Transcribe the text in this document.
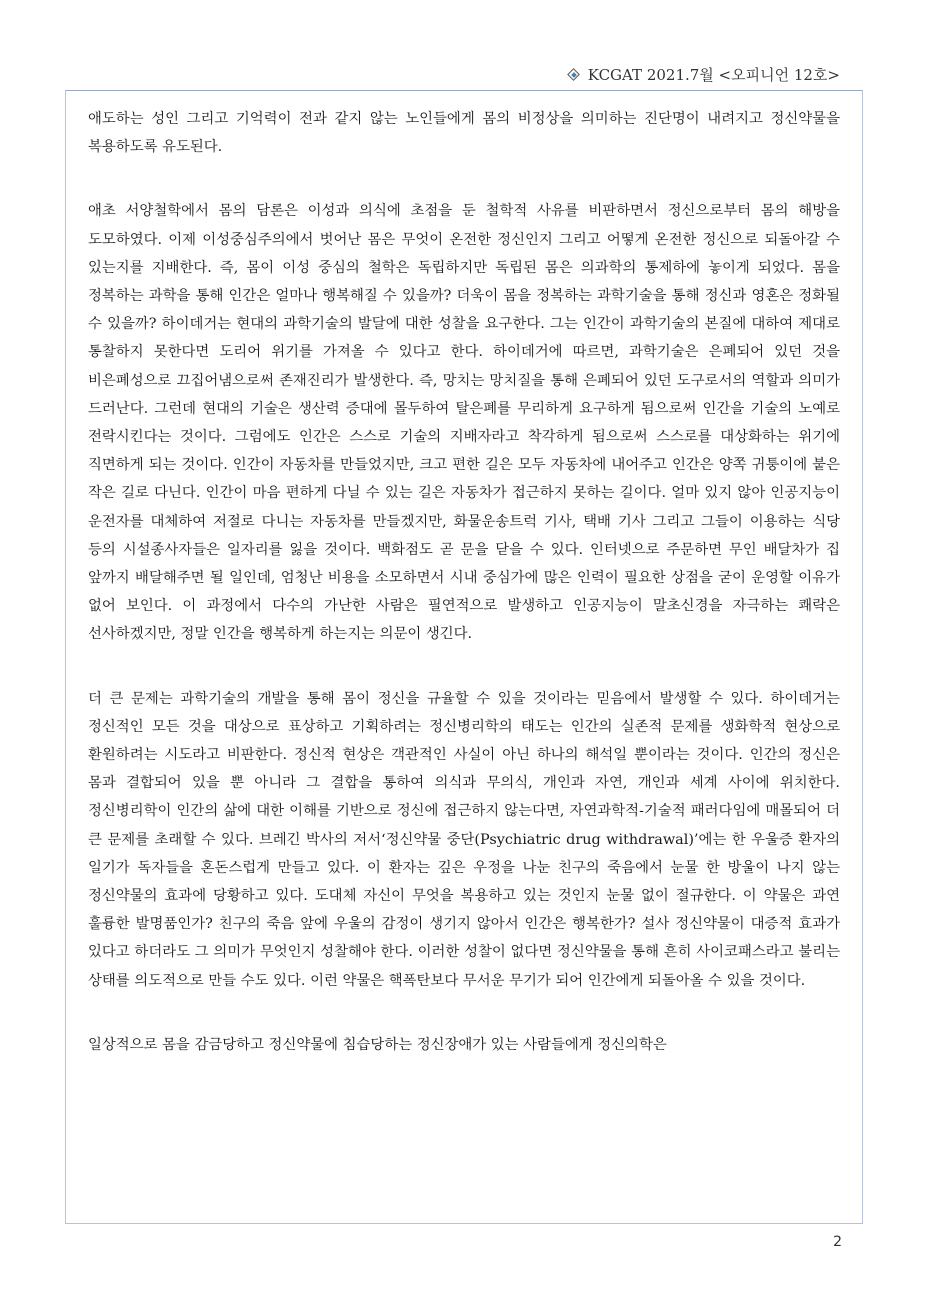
KCGAT 2021.7월 <오피니언 12호>

애도하는 성인 그리고 기억력이 전과 같지 않는 노인들에게 몸의 비정상을 의미하는 진단명이 내려지고 정신약물을 복용하도록 유도된다.

애초 서양철학에서 몸의 담론은 이성과 의식에 초점을 둔 철학적 사유를 비판하면서 정신으로부터 몸의 해방을 도모하였다. 이제 이성중심주의에서 벗어난 몸은 무엇이 온전한 정신인지 그리고 어떻게 온전한 정신으로 되돌아갈 수 있는지를 지배한다. 즉, 몸이 이성 중심의 철학은 독립하지만 독립된 몸은 의과학의 통제하에 놓이게 되었다. 몸을 정복하는 과학을 통해 인간은 얼마나 행복해질 수 있을까? 더욱이 몸을 정복하는 과학기술을 통해 정신과 영혼은 정화될 수 있을까? 하이데거는 현대의 과학기술의 발달에 대한 성찰을 요구한다. 그는 인간이 과학기술의 본질에 대하여 제대로 통찰하지 못한다면 도리어 위기를 가져올 수 있다고 한다. 하이데거에 따르면, 과학기술은 은폐되어 있던 것을 비은폐성으로 끄집어냄으로써 존재진리가 발생한다. 즉, 망치는 망치질을 통해 은폐되어 있던 도구로서의 역할과 의미가 드러난다. 그런데 현대의 기술은 생산력 증대에 몰두하여 탈은폐를 무리하게 요구하게 됨으로써 인간을 기술의 노예로 전락시킨다는 것이다. 그럼에도 인간은 스스로 기술의 지배자라고 착각하게 됨으로써 스스로를 대상화하는 위기에 직면하게 되는 것이다. 인간이 자동차를 만들었지만, 크고 편한 길은 모두 자동차에 내어주고 인간은 양쪽 귀퉁이에 붙은 작은 길로 다닌다. 인간이 마음 편하게 다닐 수 있는 길은 자동차가 접근하지 못하는 길이다. 얼마 있지 않아 인공지능이 운전자를 대체하여 저절로 다니는 자동차를 만들겠지만, 화물운송트럭 기사, 택배 기사 그리고 그들이 이용하는 식당 등의 시설종사자들은 일자리를 잃을 것이다. 백화점도 곧 문을 닫을 수 있다. 인터넷으로 주문하면 무인 배달차가 집 앞까지 배달해주면 될 일인데, 엄청난 비용을 소모하면서 시내 중심가에 많은 인력이 필요한 상점을 굳이 운영할 이유가 없어 보인다. 이 과정에서 다수의 가난한 사람은 필연적으로 발생하고 인공지능이 말초신경을 자극하는 쾌락은 선사하겠지만, 정말 인간을 행복하게 하는지는 의문이 생긴다.

더 큰 문제는 과학기술의 개발을 통해 몸이 정신을 규율할 수 있을 것이라는 믿음에서 발생할 수 있다. 하이데거는 정신적인 모든 것을 대상으로 표상하고 기획하려는 정신병리학의 태도는 인간의 실존적 문제를 생화학적 현상으로 환원하려는 시도라고 비판한다. 정신적 현상은 객관적인 사실이 아닌 하나의 해석일 뿐이라는 것이다. 인간의 정신은 몸과 결합되어 있을 뿐 아니라 그 결합을 통하여 의식과 무의식, 개인과 자연, 개인과 세계 사이에 위치한다. 정신병리학이 인간의 삶에 대한 이해를 기반으로 정신에 접근하지 않는다면, 자연과학적-기술적 패러다임에 매몰되어 더 큰 문제를 초래할 수 있다. 브레긴 박사의 저서‘정신약물 중단(Psychiatric drug withdrawal)’에는 한 우울증 환자의 일기가 독자들을 혼돈스럽게 만들고 있다. 이 환자는 깊은 우정을 나눈 친구의 죽음에서 눈물 한 방울이 나지 않는 정신약물의 효과에 당황하고 있다. 도대체 자신이 무엇을 복용하고 있는 것인지 눈물 없이 절규한다. 이 약물은 과연 훌륭한 발명품인가? 친구의 죽음 앞에 우울의 감정이 생기지 않아서 인간은 행복한가? 설사 정신약물이 대증적 효과가 있다고 하더라도 그 의미가 무엇인지 성찰해야 한다. 이러한 성찰이 없다면 정신약물을 통해 흔히 사이코패스라고 불리는 상태를 의도적으로 만들 수도 있다. 이런 약물은 핵폭탄보다 무서운 무기가 되어 인간에게 되돌아올 수 있을 것이다.

일상적으로 몸을 감금당하고 정신약물에 침습당하는 정신장애가 있는 사람들에게 정신의학은

2
